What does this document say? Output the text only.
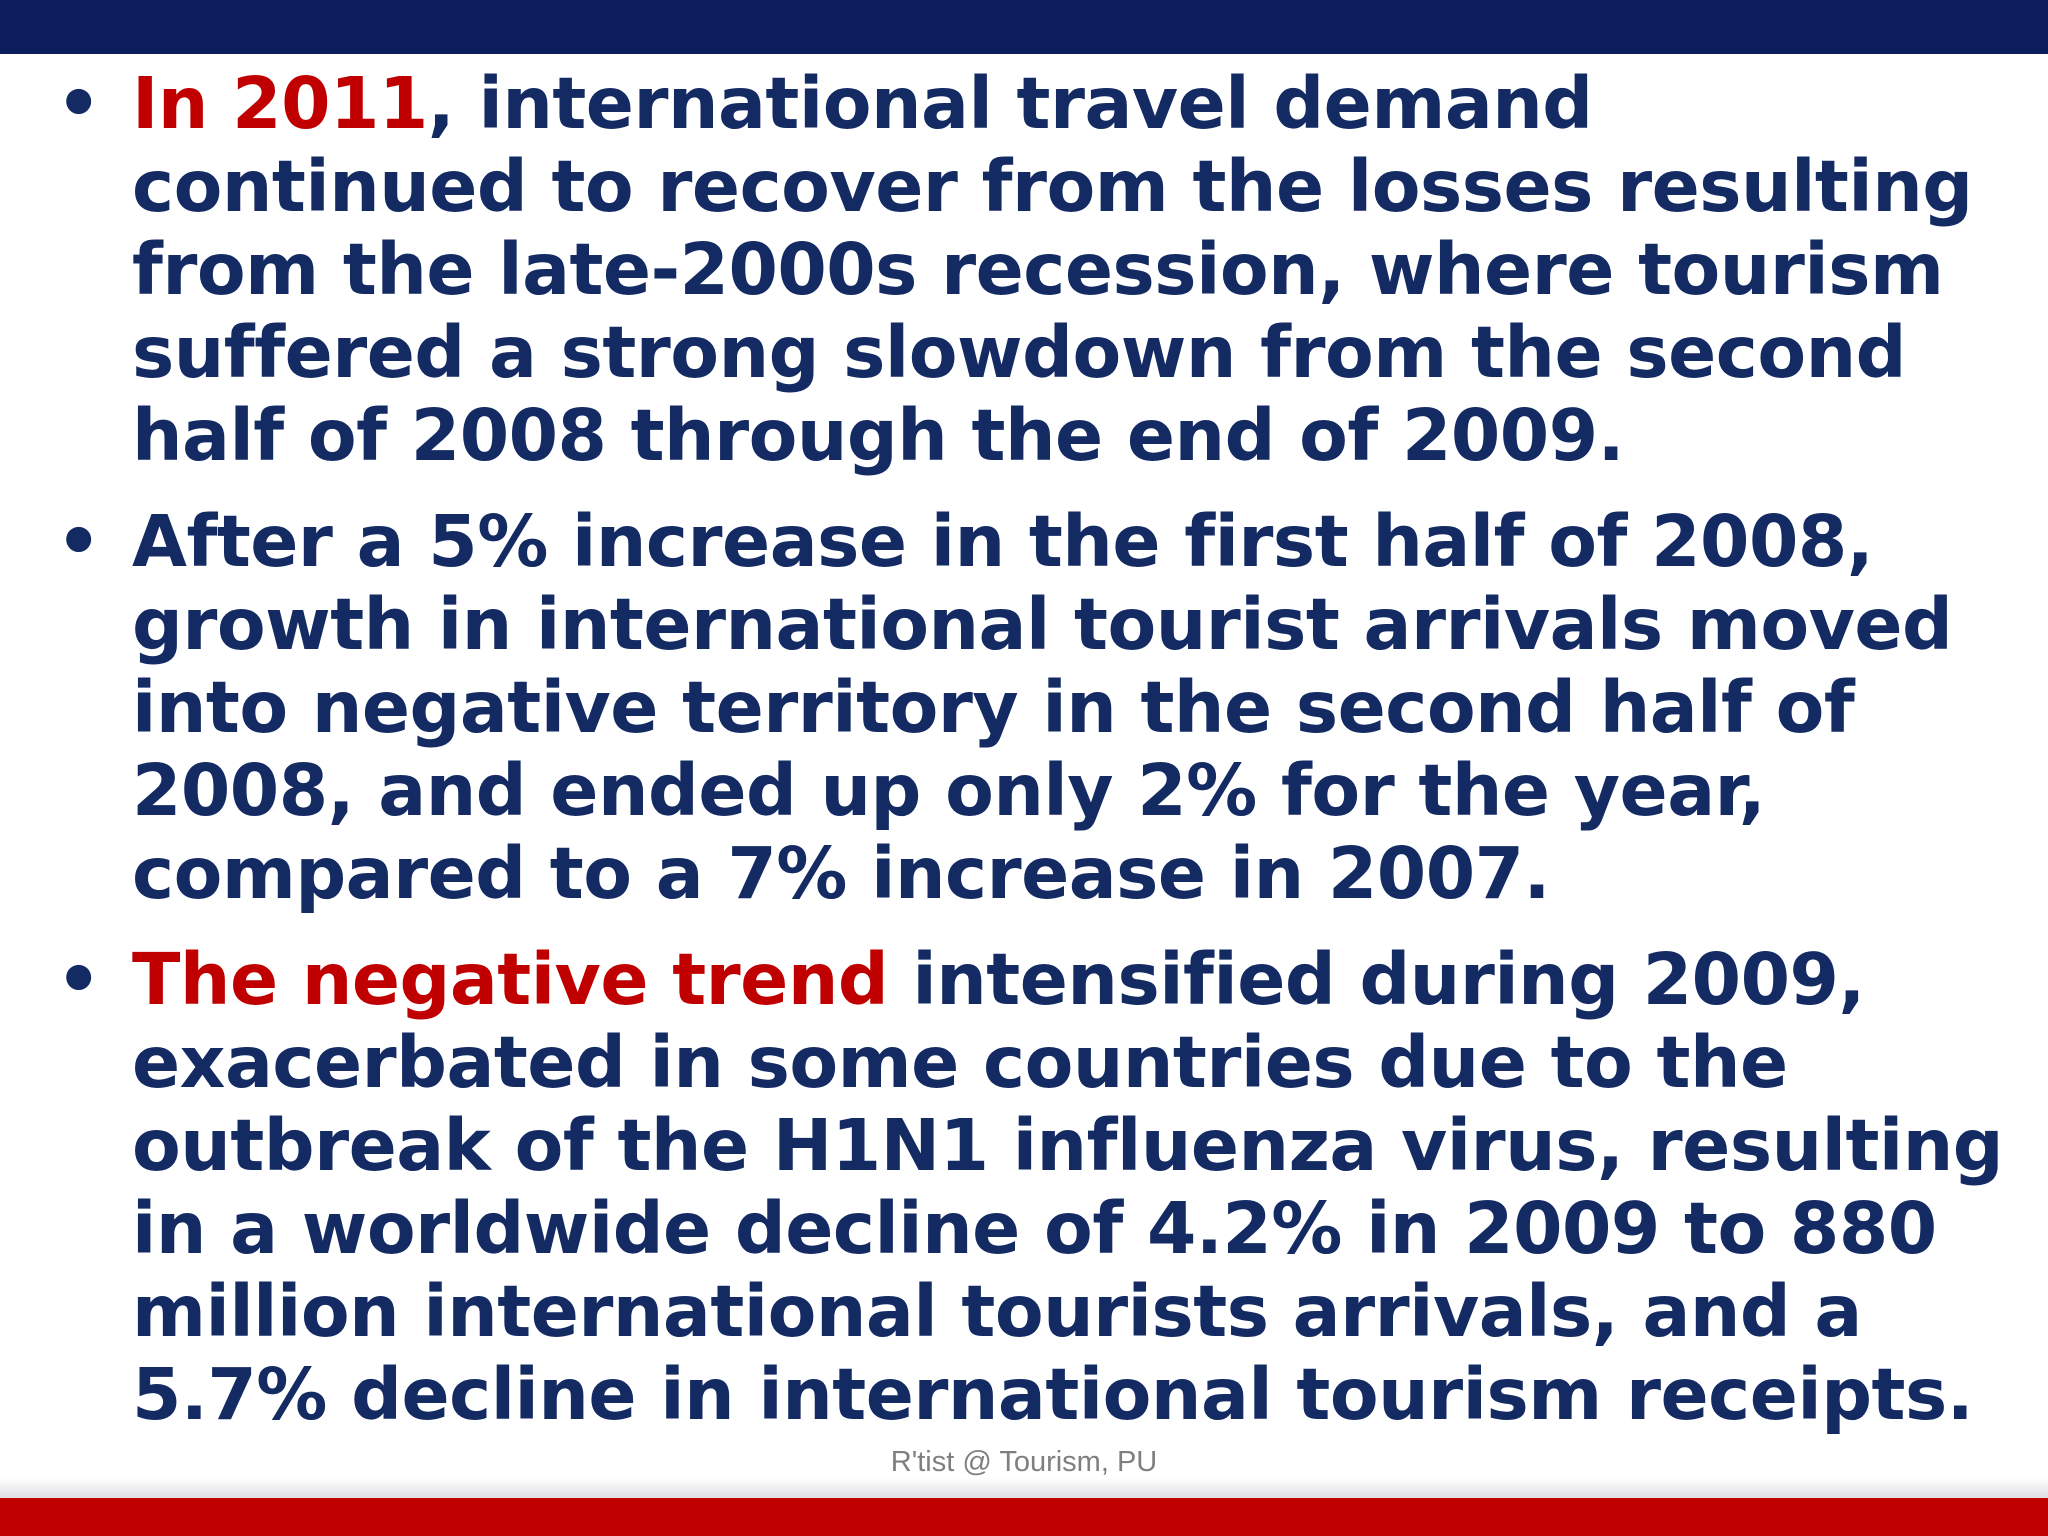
• In 2011, international travel demand continued to recover from the losses resulting from the late-2000s recession, where tourism suffered a strong slowdown from the second half of 2008 through the end of 2009.
• After a 5% increase in the first half of 2008, growth in international tourist arrivals moved into negative territory in the second half of 2008, and ended up only 2% for the year, compared to a 7% increase in 2007.
• The negative trend intensified during 2009, exacerbated in some countries due to the outbreak of the H1N1 influenza virus, resulting in a worldwide decline of 4.2% in 2009 to 880 million international tourists arrivals, and a 5.7% decline in international tourism receipts.
R'tist @ Tourism, PU
